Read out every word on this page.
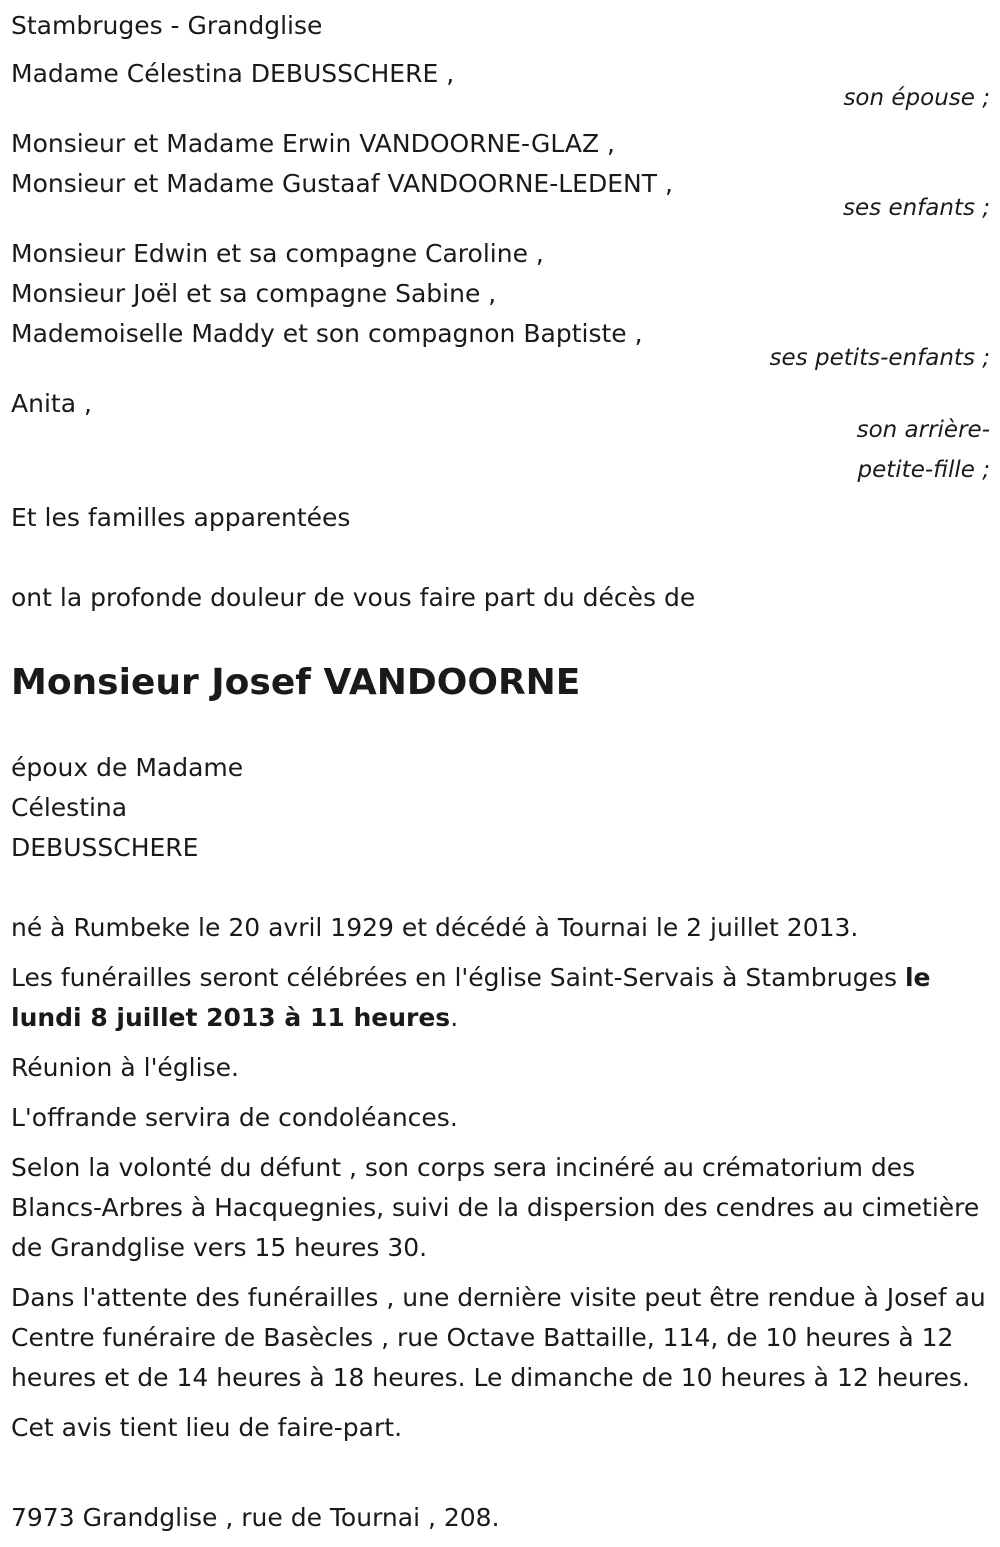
Stambruges - Grandglise
Madame Célestina DEBUSSCHERE ,
son épouse ;
Monsieur et Madame Erwin VANDOORNE-GLAZ ,
Monsieur et Madame Gustaaf VANDOORNE-LEDENT ,
ses enfants ;
Monsieur Edwin et sa compagne Caroline ,
Monsieur Joël et sa compagne Sabine ,
Mademoiselle Maddy et son compagnon Baptiste ,
ses petits-enfants ;
Anita ,
son arrière-
petite-fille ;
Et les familles apparentées
ont la profonde douleur de vous faire part du décès de
Monsieur Josef VANDOORNE
époux de Madame
Célestina
DEBUSSCHERE

né à Rumbeke le 20 avril 1929 et décédé à Tournai le 2 juillet 2013.

Les funérailles seront célébrées en l'église Saint-Servais à Stambruges le lundi 8 juillet 2013 à 11 heures.

Réunion à l'église.

L'offrande servira de condoléances.

Selon la volonté du défunt , son corps sera incinéré au crématorium des Blancs-Arbres à Hacquegnies, suivi de la dispersion des cendres au cimetière de Grandglise vers 15 heures 30.

Dans l'attente des funérailles , une dernière visite peut être rendue à Josef au Centre funéraire de Basècles , rue Octave Battaille, 114, de 10 heures à 12 heures et de 14 heures à 18 heures. Le dimanche de 10 heures à 12 heures.

Cet avis tient lieu de faire-part.

7973 Grandglise , rue de Tournai , 208.
